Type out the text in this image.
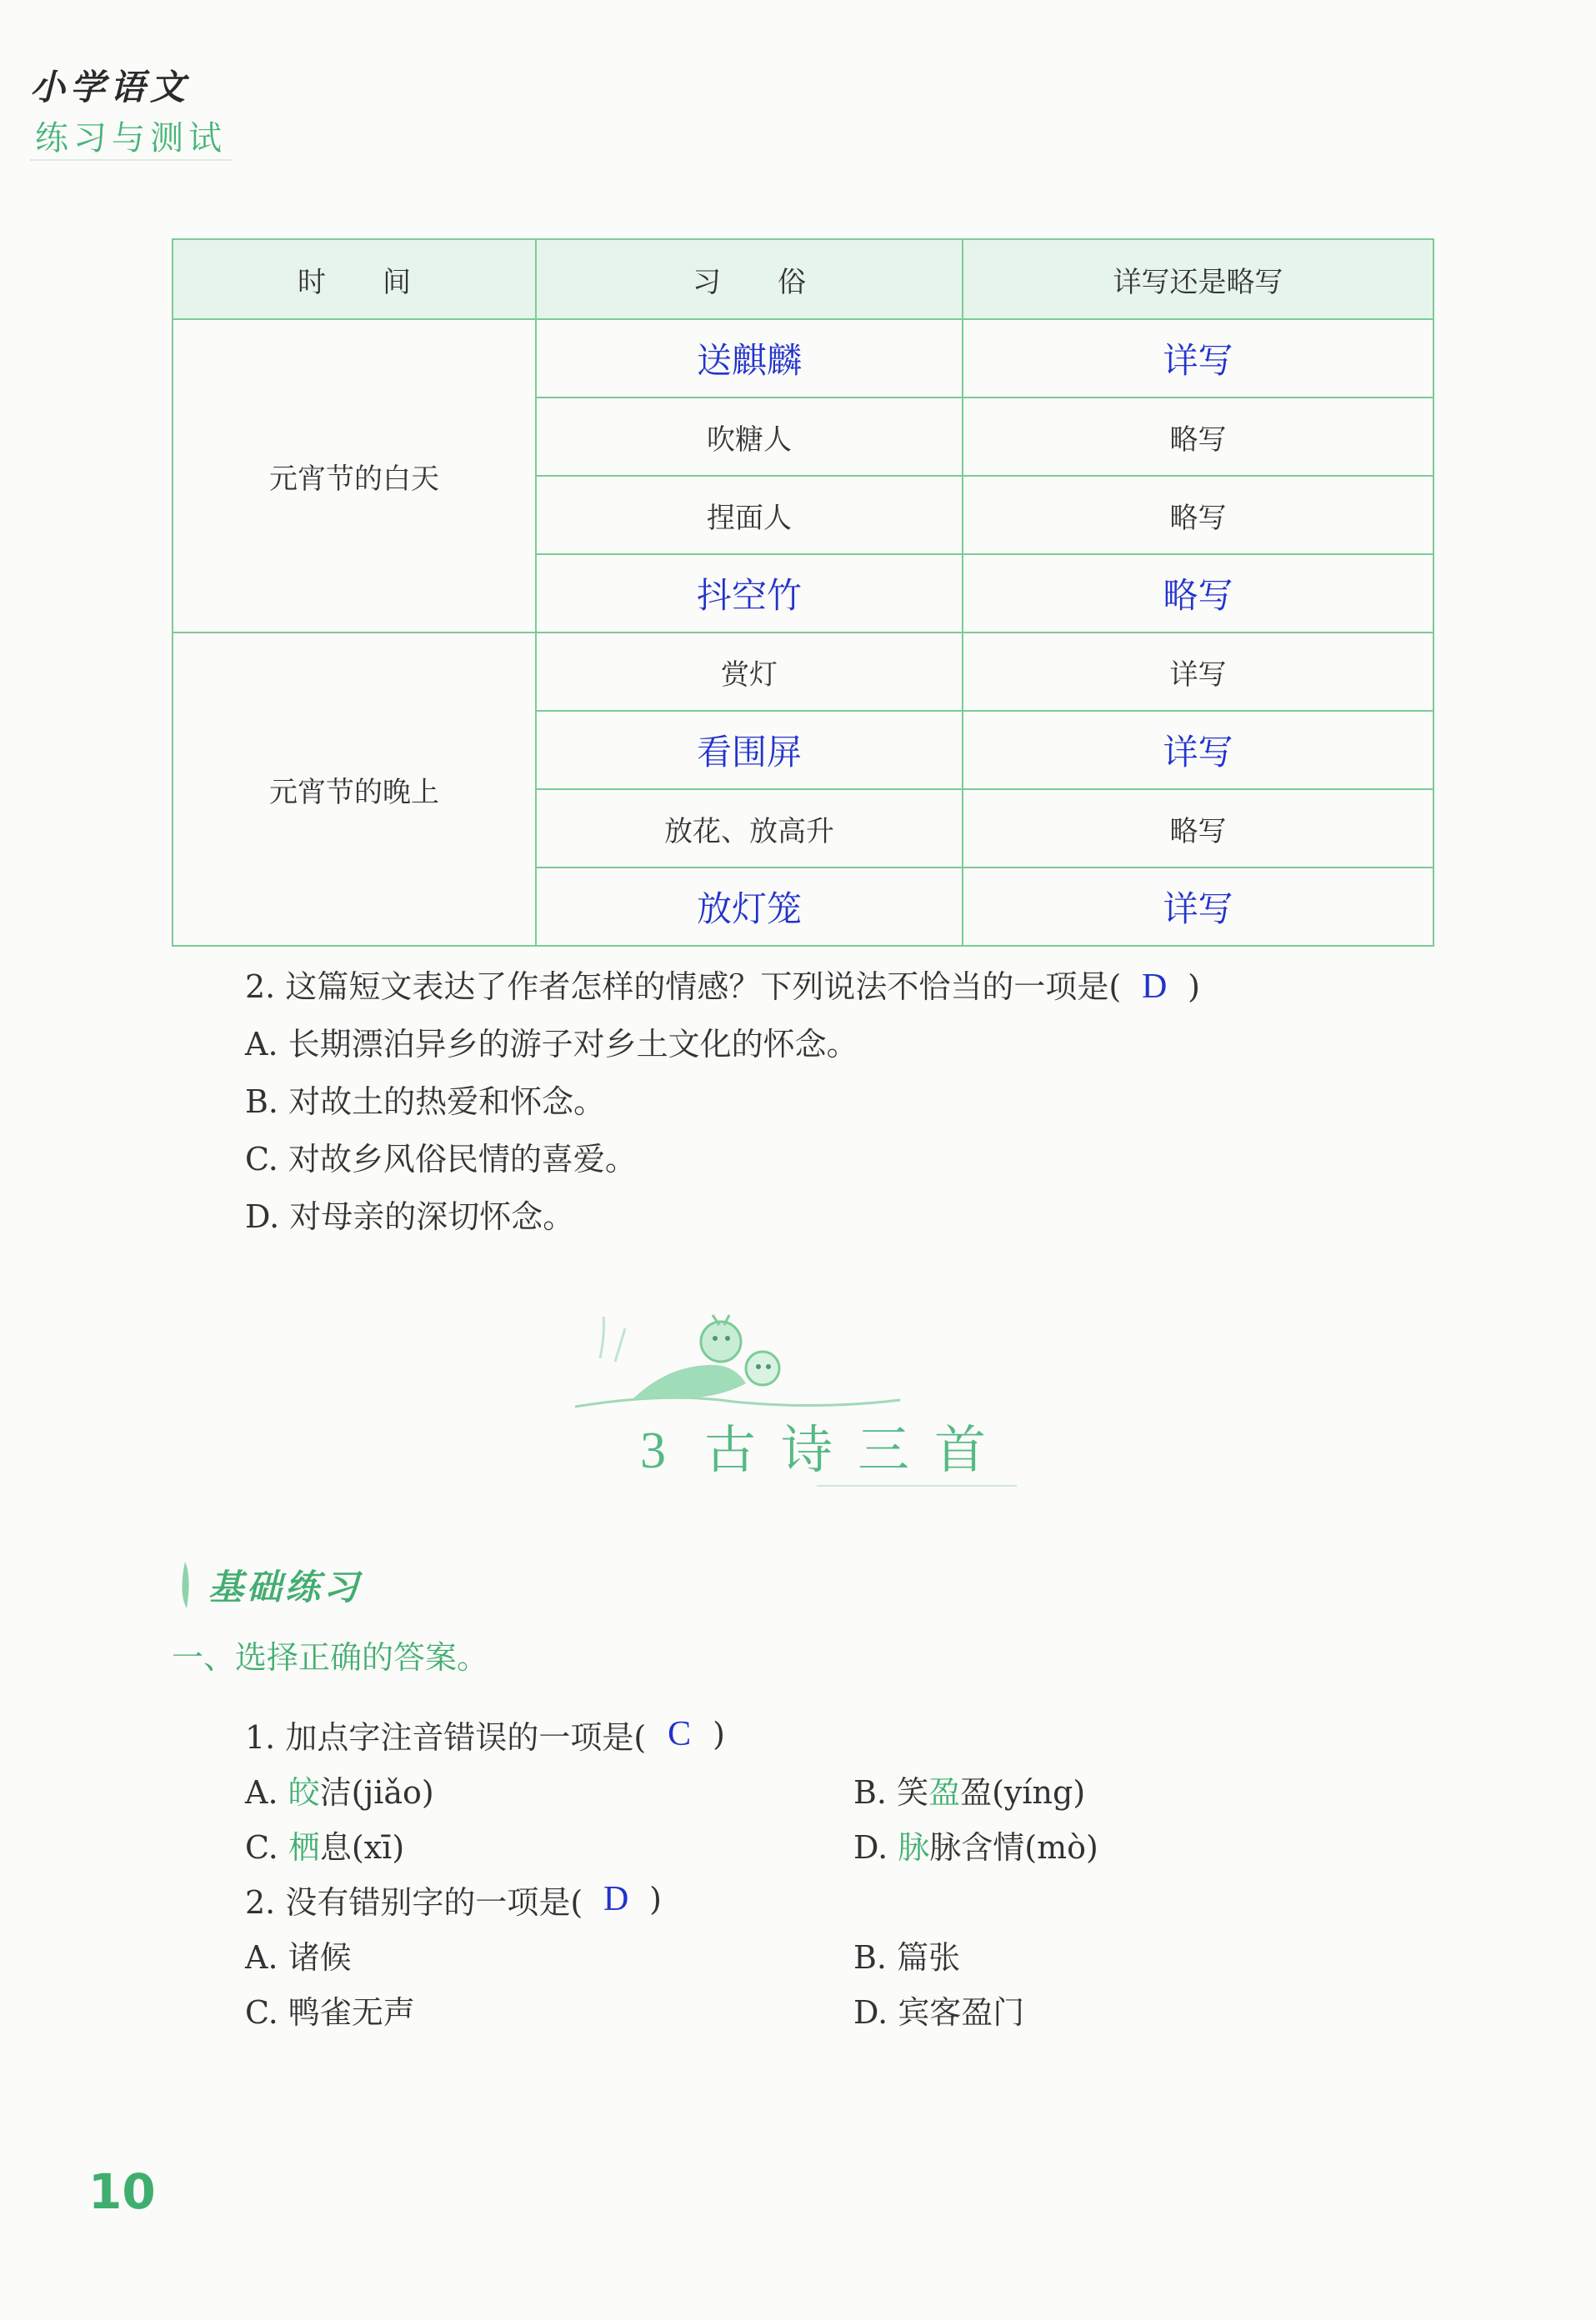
小学语文
练习与测试
时　　间	习　　俗	详写还是略写
元宵节的白天	送麒麟	详写
	吹糖人	略写
	捏面人	略写
	抖空竹	略写
元宵节的晚上	赏灯	详写
	看围屏	详写
	放花、放高升	略写
	放灯笼	详写
2. 这篇短文表达了作者怎样的情感？下列说法不恰当的一项是( D )
A. 长期漂泊异乡的游子对乡土文化的怀念。
B. 对故土的热爱和怀念。
C. 对故乡风俗民情的喜爱。
D. 对母亲的深切怀念。
3 古诗三首
基础练习
一、选择正确的答案。
1. 加点字注音错误的一项是( C )
A. 皎洁(jiǎo)	B. 笑盈盈(yíng)
C. 栖息(xī)	D. 脉脉含情(mò)
2. 没有错别字的一项是( D )
A. 诸候	B. 篇张
C. 鸭雀无声	D. 宾客盈门
10
